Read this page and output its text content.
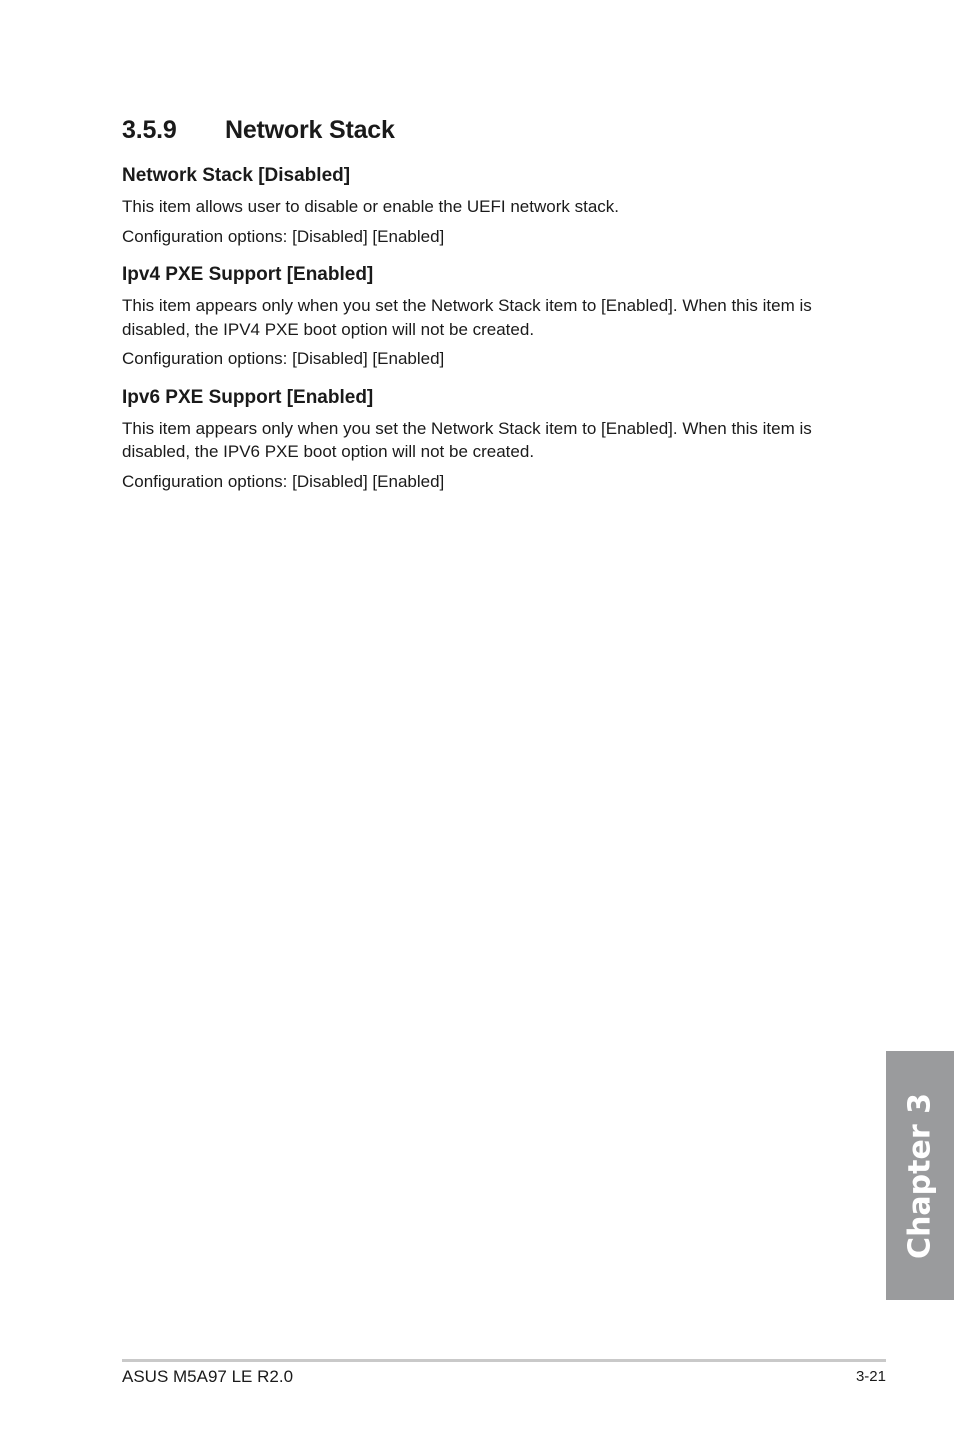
3.5.9 Network Stack
Network Stack [Disabled]

This item allows user to disable or enable the UEFI network stack.

Configuration options: [Disabled] [Enabled]

Ipv4 PXE Support [Enabled]

This item appears only when you set the Network Stack item to [Enabled]. When this item is disabled, the IPV4 PXE boot option will not be created.

Configuration options: [Disabled] [Enabled]

Ipv6 PXE Support [Enabled]

This item appears only when you set the Network Stack item to [Enabled]. When this item is disabled, the IPV6 PXE boot option will not be created.

Configuration options: [Disabled] [Enabled]

Chapter 3
ASUS M5A97 LE R2.0	3-21
